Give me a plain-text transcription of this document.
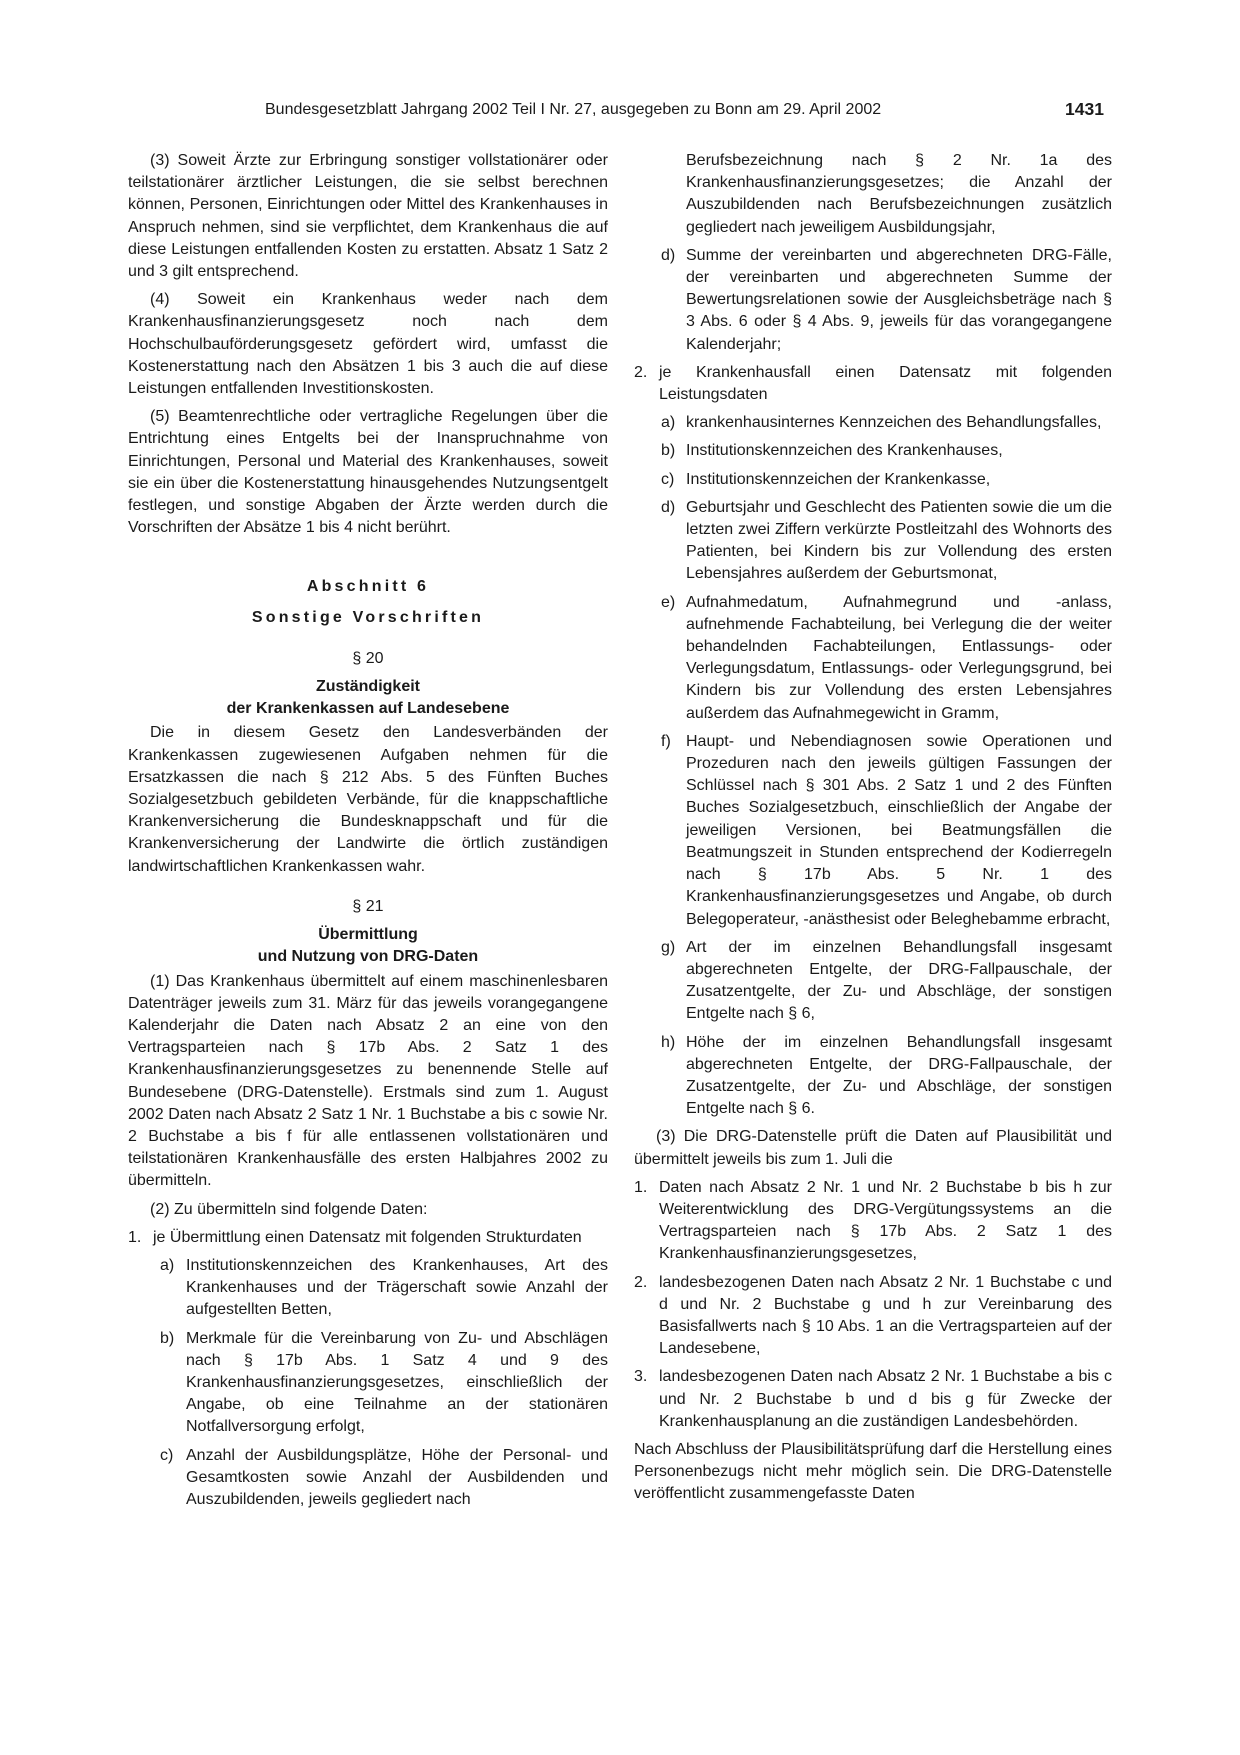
Bundesgesetzblatt Jahrgang 2002 Teil I Nr. 27, ausgegeben zu Bonn am 29. April 2002	1431

(3) Soweit Ärzte zur Erbringung sonstiger vollstationärer oder teilstationärer ärztlicher Leistungen, die sie selbst berechnen können, Personen, Einrichtungen oder Mittel des Krankenhauses in Anspruch nehmen, sind sie verpflichtet, dem Krankenhaus die auf diese Leistungen entfallenden Kosten zu erstatten. Absatz 1 Satz 2 und 3 gilt entsprechend.

(4) Soweit ein Krankenhaus weder nach dem Krankenhausfinanzierungsgesetz noch nach dem Hochschulbauförderungsgesetz gefördert wird, umfasst die Kostenerstattung nach den Absätzen 1 bis 3 auch die auf diese Leistungen entfallenden Investitionskosten.

(5) Beamtenrechtliche oder vertragliche Regelungen über die Entrichtung eines Entgelts bei der Inanspruchnahme von Einrichtungen, Personal und Material des Krankenhauses, soweit sie ein über die Kostenerstattung hinausgehendes Nutzungsentgelt festlegen, und sonstige Abgaben der Ärzte werden durch die Vorschriften der Absätze 1 bis 4 nicht berührt.

Abschnitt 6

Sonstige Vorschriften

§ 20

Zuständigkeit

der Krankenkassen auf Landesebene

Die in diesem Gesetz den Landesverbänden der Krankenkassen zugewiesenen Aufgaben nehmen für die Ersatzkassen die nach § 212 Abs. 5 des Fünften Buches Sozialgesetzbuch gebildeten Verbände, für die knappschaftliche Krankenversicherung die Bundesknappschaft und für die Krankenversicherung der Landwirte die örtlich zuständigen landwirtschaftlichen Krankenkassen wahr.

§ 21

Übermittlung

und Nutzung von DRG-Daten

(1) Das Krankenhaus übermittelt auf einem maschinenlesbaren Datenträger jeweils zum 31. März für das jeweils vorangegangene Kalenderjahr die Daten nach Absatz 2 an eine von den Vertragsparteien nach § 17b Abs. 2 Satz 1 des Krankenhausfinanzierungsgesetzes zu benennende Stelle auf Bundesebene (DRG-Datenstelle). Erstmals sind zum 1. August 2002 Daten nach Absatz 2 Satz 1 Nr. 1 Buchstabe a bis c sowie Nr. 2 Buchstabe a bis f für alle entlassenen vollstationären und teilstationären Krankenhausfälle des ersten Halbjahres 2002 zu übermitteln.

(2) Zu übermitteln sind folgende Daten:

1. je Übermittlung einen Datensatz mit folgenden Strukturdaten
a) Institutionskennzeichen des Krankenhauses, Art des Krankenhauses und der Trägerschaft sowie Anzahl der aufgestellten Betten,
b) Merkmale für die Vereinbarung von Zu- und Abschlägen nach § 17b Abs. 1 Satz 4 und 9 des Krankenhausfinanzierungsgesetzes, einschließlich der Angabe, ob eine Teilnahme an der stationären Notfallversorgung erfolgt,
c) Anzahl der Ausbildungsplätze, Höhe der Personal- und Gesamtkosten sowie Anzahl der Ausbildenden und Auszubildenden, jeweils gegliedert nach
Berufsbezeichnung nach § 2 Nr. 1a des Krankenhausfinanzierungsgesetzes; die Anzahl der Auszubildenden nach Berufsbezeichnungen zusätzlich gegliedert nach jeweiligem Ausbildungsjahr,
d) Summe der vereinbarten und abgerechneten DRG-Fälle, der vereinbarten und abgerechneten Summe der Bewertungsrelationen sowie der Ausgleichsbeträge nach § 3 Abs. 6 oder § 4 Abs. 9, jeweils für das vorangegangene Kalenderjahr;
2. je Krankenhausfall einen Datensatz mit folgenden Leistungsdaten
a) krankenhausinternes Kennzeichen des Behandlungsfalles,
b) Institutionskennzeichen des Krankenhauses,
c) Institutionskennzeichen der Krankenkasse,
d) Geburtsjahr und Geschlecht des Patienten sowie die um die letzten zwei Ziffern verkürzte Postleitzahl des Wohnorts des Patienten, bei Kindern bis zur Vollendung des ersten Lebensjahres außerdem der Geburtsmonat,
e) Aufnahmedatum, Aufnahmegrund und -anlass, aufnehmende Fachabteilung, bei Verlegung die der weiter behandelnden Fachabteilungen, Entlassungs- oder Verlegungsdatum, Entlassungs- oder Verlegungsgrund, bei Kindern bis zur Vollendung des ersten Lebensjahres außerdem das Aufnahmegewicht in Gramm,
f) Haupt- und Nebendiagnosen sowie Operationen und Prozeduren nach den jeweils gültigen Fassungen der Schlüssel nach § 301 Abs. 2 Satz 1 und 2 des Fünften Buches Sozialgesetzbuch, einschließlich der Angabe der jeweiligen Versionen, bei Beatmungsfällen die Beatmungszeit in Stunden entsprechend der Kodierregeln nach § 17b Abs. 5 Nr. 1 des Krankenhausfinanzierungsgesetzes und Angabe, ob durch Belegoperateur, -anästhesist oder Beleghebamme erbracht,
g) Art der im einzelnen Behandlungsfall insgesamt abgerechneten Entgelte, der DRG-Fallpauschale, der Zusatzentgelte, der Zu- und Abschläge, der sonstigen Entgelte nach § 6,
h) Höhe der im einzelnen Behandlungsfall insgesamt abgerechneten Entgelte, der DRG-Fallpauschale, der Zusatzentgelte, der Zu- und Abschläge, der sonstigen Entgelte nach § 6.

(3) Die DRG-Datenstelle prüft die Daten auf Plausibilität und übermittelt jeweils bis zum 1. Juli die

1. Daten nach Absatz 2 Nr. 1 und Nr. 2 Buchstabe b bis h zur Weiterentwicklung des DRG-Vergütungssystems an die Vertragsparteien nach § 17b Abs. 2 Satz 1 des Krankenhausfinanzierungsgesetzes,
2. landesbezogenen Daten nach Absatz 2 Nr. 1 Buchstabe c und d und Nr. 2 Buchstabe g und h zur Vereinbarung des Basisfallwerts nach § 10 Abs. 1 an die Vertragsparteien auf der Landesebene,
3. landesbezogenen Daten nach Absatz 2 Nr. 1 Buchstabe a bis c und Nr. 2 Buchstabe b und d bis g für Zwecke der Krankenhausplanung an die zuständigen Landesbehörden.

Nach Abschluss der Plausibilitätsprüfung darf die Herstellung eines Personenbezugs nicht mehr möglich sein. Die DRG-Datenstelle veröffentlicht zusammengefasste Daten
